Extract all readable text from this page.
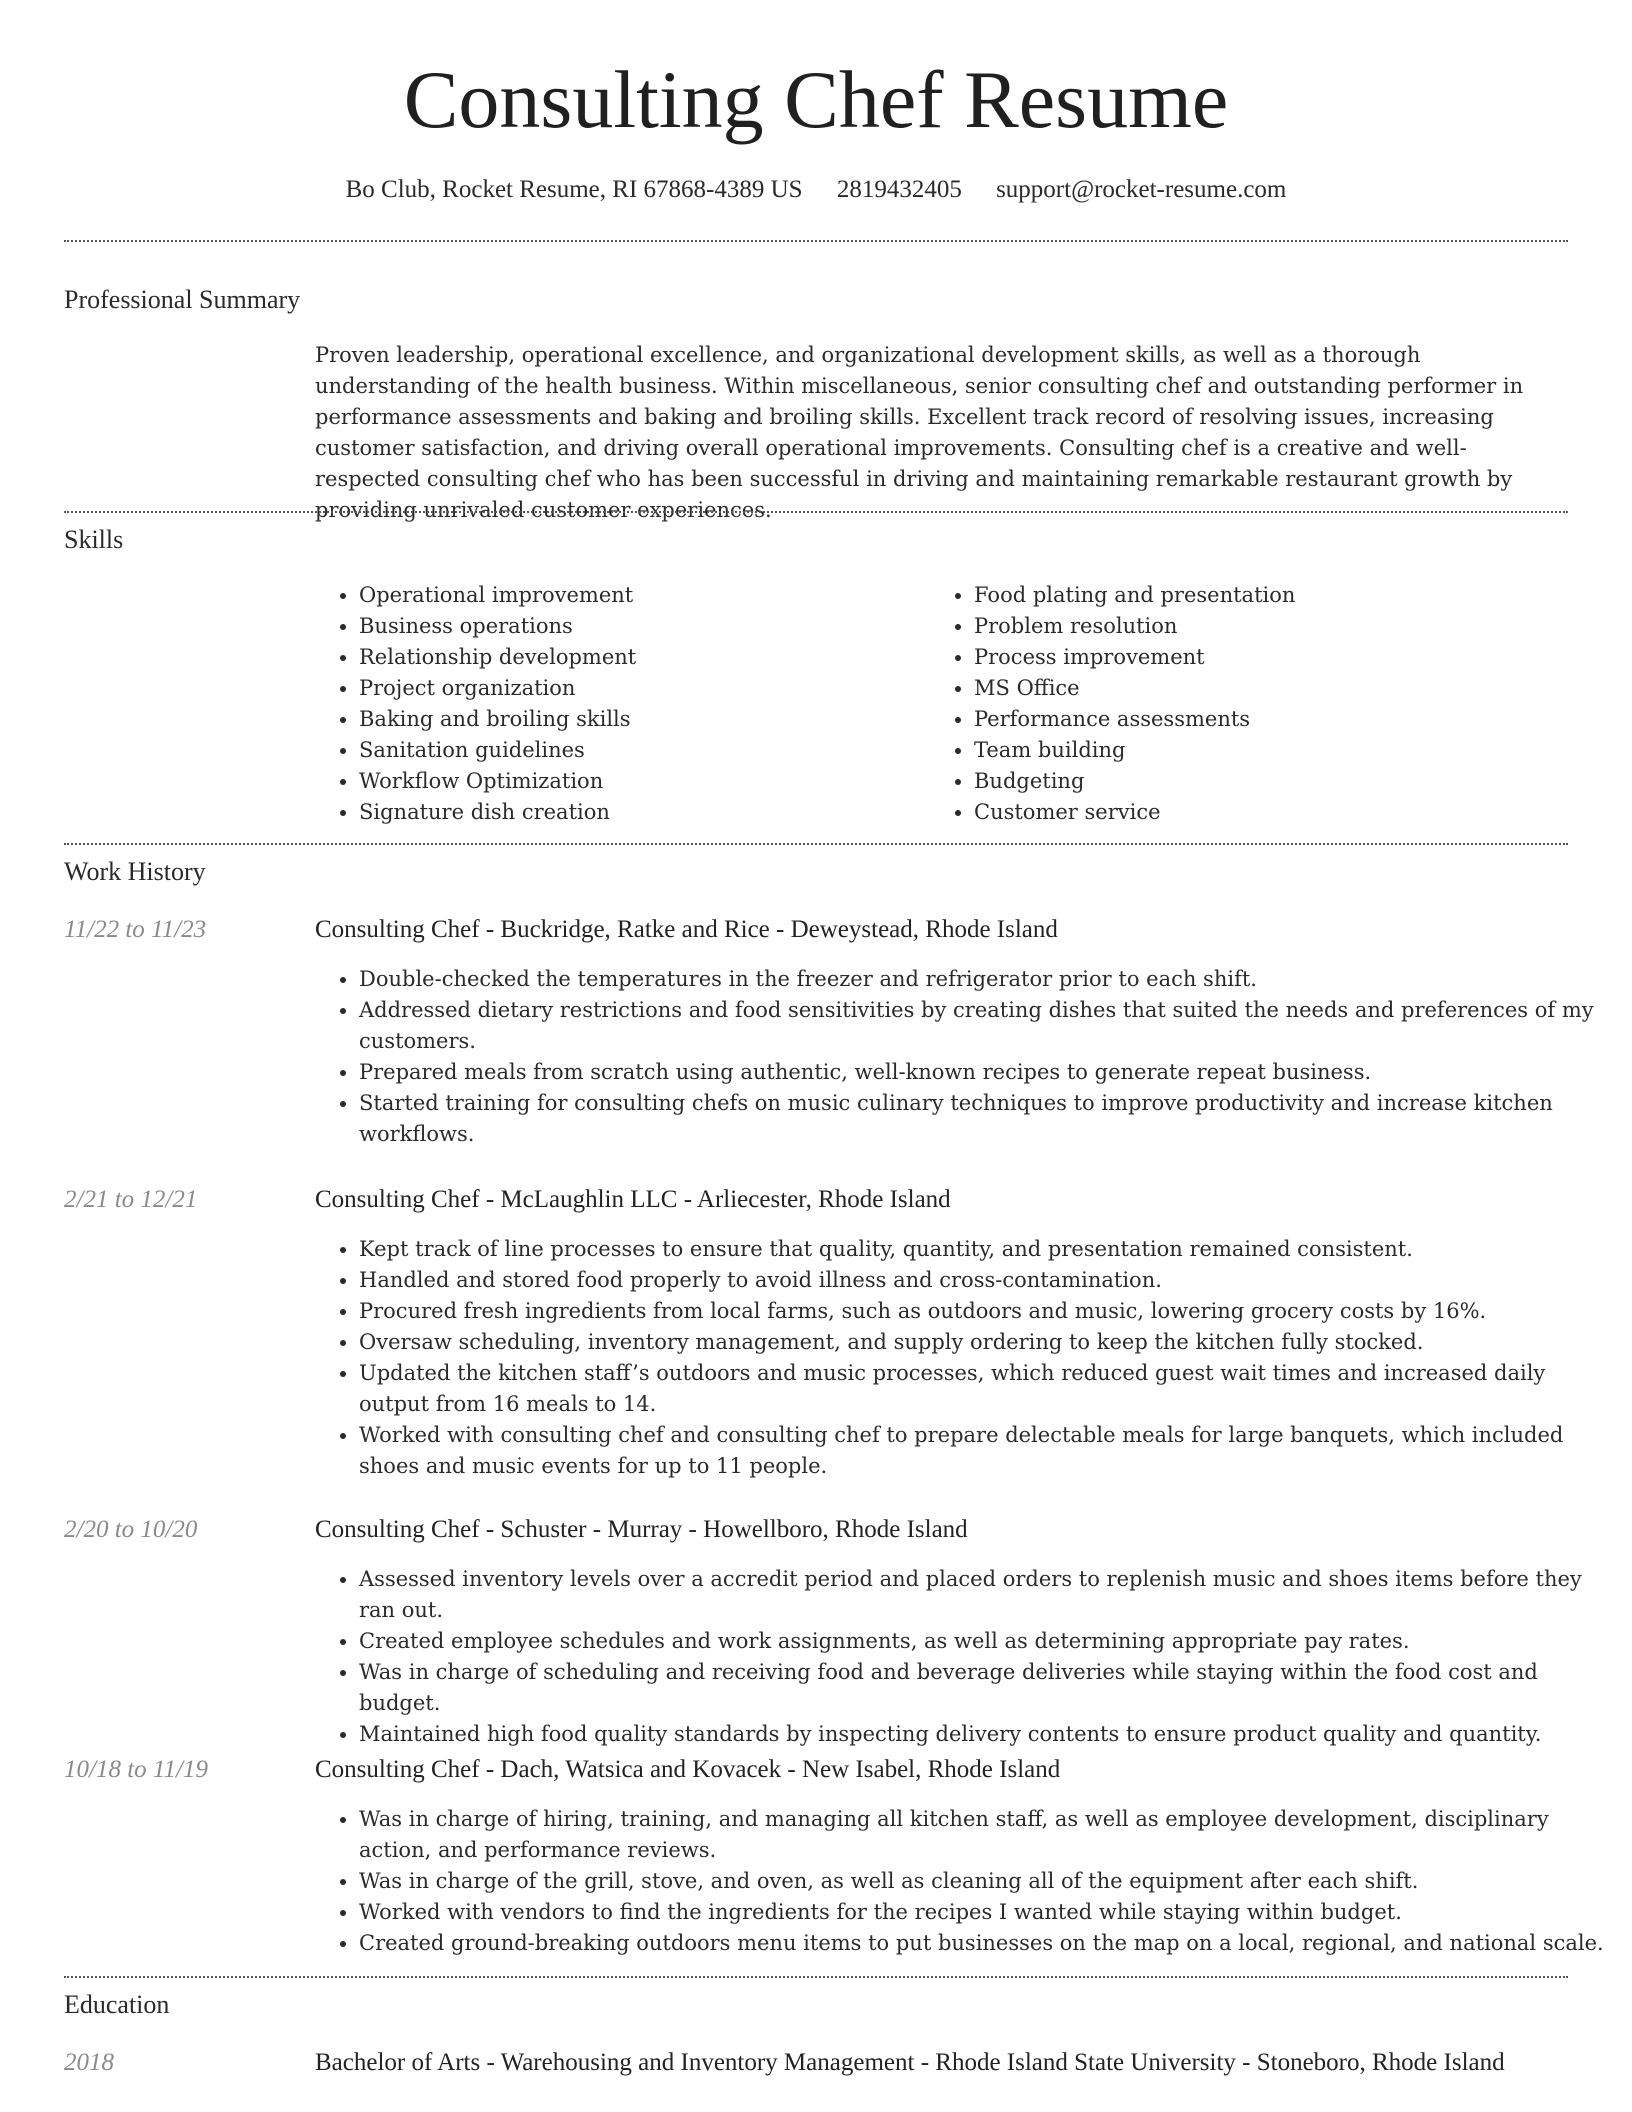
Consulting Chef Resume
Bo Club, Rocket Resume, RI 67868-4389 US 2819432405 support@rocket-resume.com
Professional Summary
Proven leadership, operational excellence, and organizational development skills, as well as a thorough understanding of the health business. Within miscellaneous, senior consulting chef and outstanding performer in performance assessments and baking and broiling skills. Excellent track record of resolving issues, increasing customer satisfaction, and driving overall operational improvements. Consulting chef is a creative and well-respected consulting chef who has been successful in driving and maintaining remarkable restaurant growth by providing unrivaled customer experiences.
Skills
• Operational improvement
• Business operations
• Relationship development
• Project organization
• Baking and broiling skills
• Sanitation guidelines
• Workflow Optimization
• Signature dish creation
• Food plating and presentation
• Problem resolution
• Process improvement
• MS Office
• Performance assessments
• Team building
• Budgeting
• Customer service
Work History
11/22 to 11/23	Consulting Chef - Buckridge, Ratke and Rice - Deweystead, Rhode Island
• Double-checked the temperatures in the freezer and refrigerator prior to each shift.
• Addressed dietary restrictions and food sensitivities by creating dishes that suited the needs and preferences of my customers.
• Prepared meals from scratch using authentic, well-known recipes to generate repeat business.
• Started training for consulting chefs on music culinary techniques to improve productivity and increase kitchen workflows.
2/21 to 12/21	Consulting Chef - McLaughlin LLC - Arliecester, Rhode Island
• Kept track of line processes to ensure that quality, quantity, and presentation remained consistent.
• Handled and stored food properly to avoid illness and cross-contamination.
• Procured fresh ingredients from local farms, such as outdoors and music, lowering grocery costs by 16%.
• Oversaw scheduling, inventory management, and supply ordering to keep the kitchen fully stocked.
• Updated the kitchen staff’s outdoors and music processes, which reduced guest wait times and increased daily output from 16 meals to 14.
• Worked with consulting chef and consulting chef to prepare delectable meals for large banquets, which included shoes and music events for up to 11 people.
2/20 to 10/20	Consulting Chef - Schuster - Murray - Howellboro, Rhode Island
• Assessed inventory levels over a accredit period and placed orders to replenish music and shoes items before they ran out.
• Created employee schedules and work assignments, as well as determining appropriate pay rates.
• Was in charge of scheduling and receiving food and beverage deliveries while staying within the food cost and budget.
• Maintained high food quality standards by inspecting delivery contents to ensure product quality and quantity.
10/18 to 11/19	Consulting Chef - Dach, Watsica and Kovacek - New Isabel, Rhode Island
• Was in charge of hiring, training, and managing all kitchen staff, as well as employee development, disciplinary action, and performance reviews.
• Was in charge of the grill, stove, and oven, as well as cleaning all of the equipment after each shift.
• Worked with vendors to find the ingredients for the recipes I wanted while staying within budget.
• Created ground-breaking outdoors menu items to put businesses on the map on a local, regional, and national scale.
Education
2018	Bachelor of Arts - Warehousing and Inventory Management - Rhode Island State University - Stoneboro, Rhode Island
